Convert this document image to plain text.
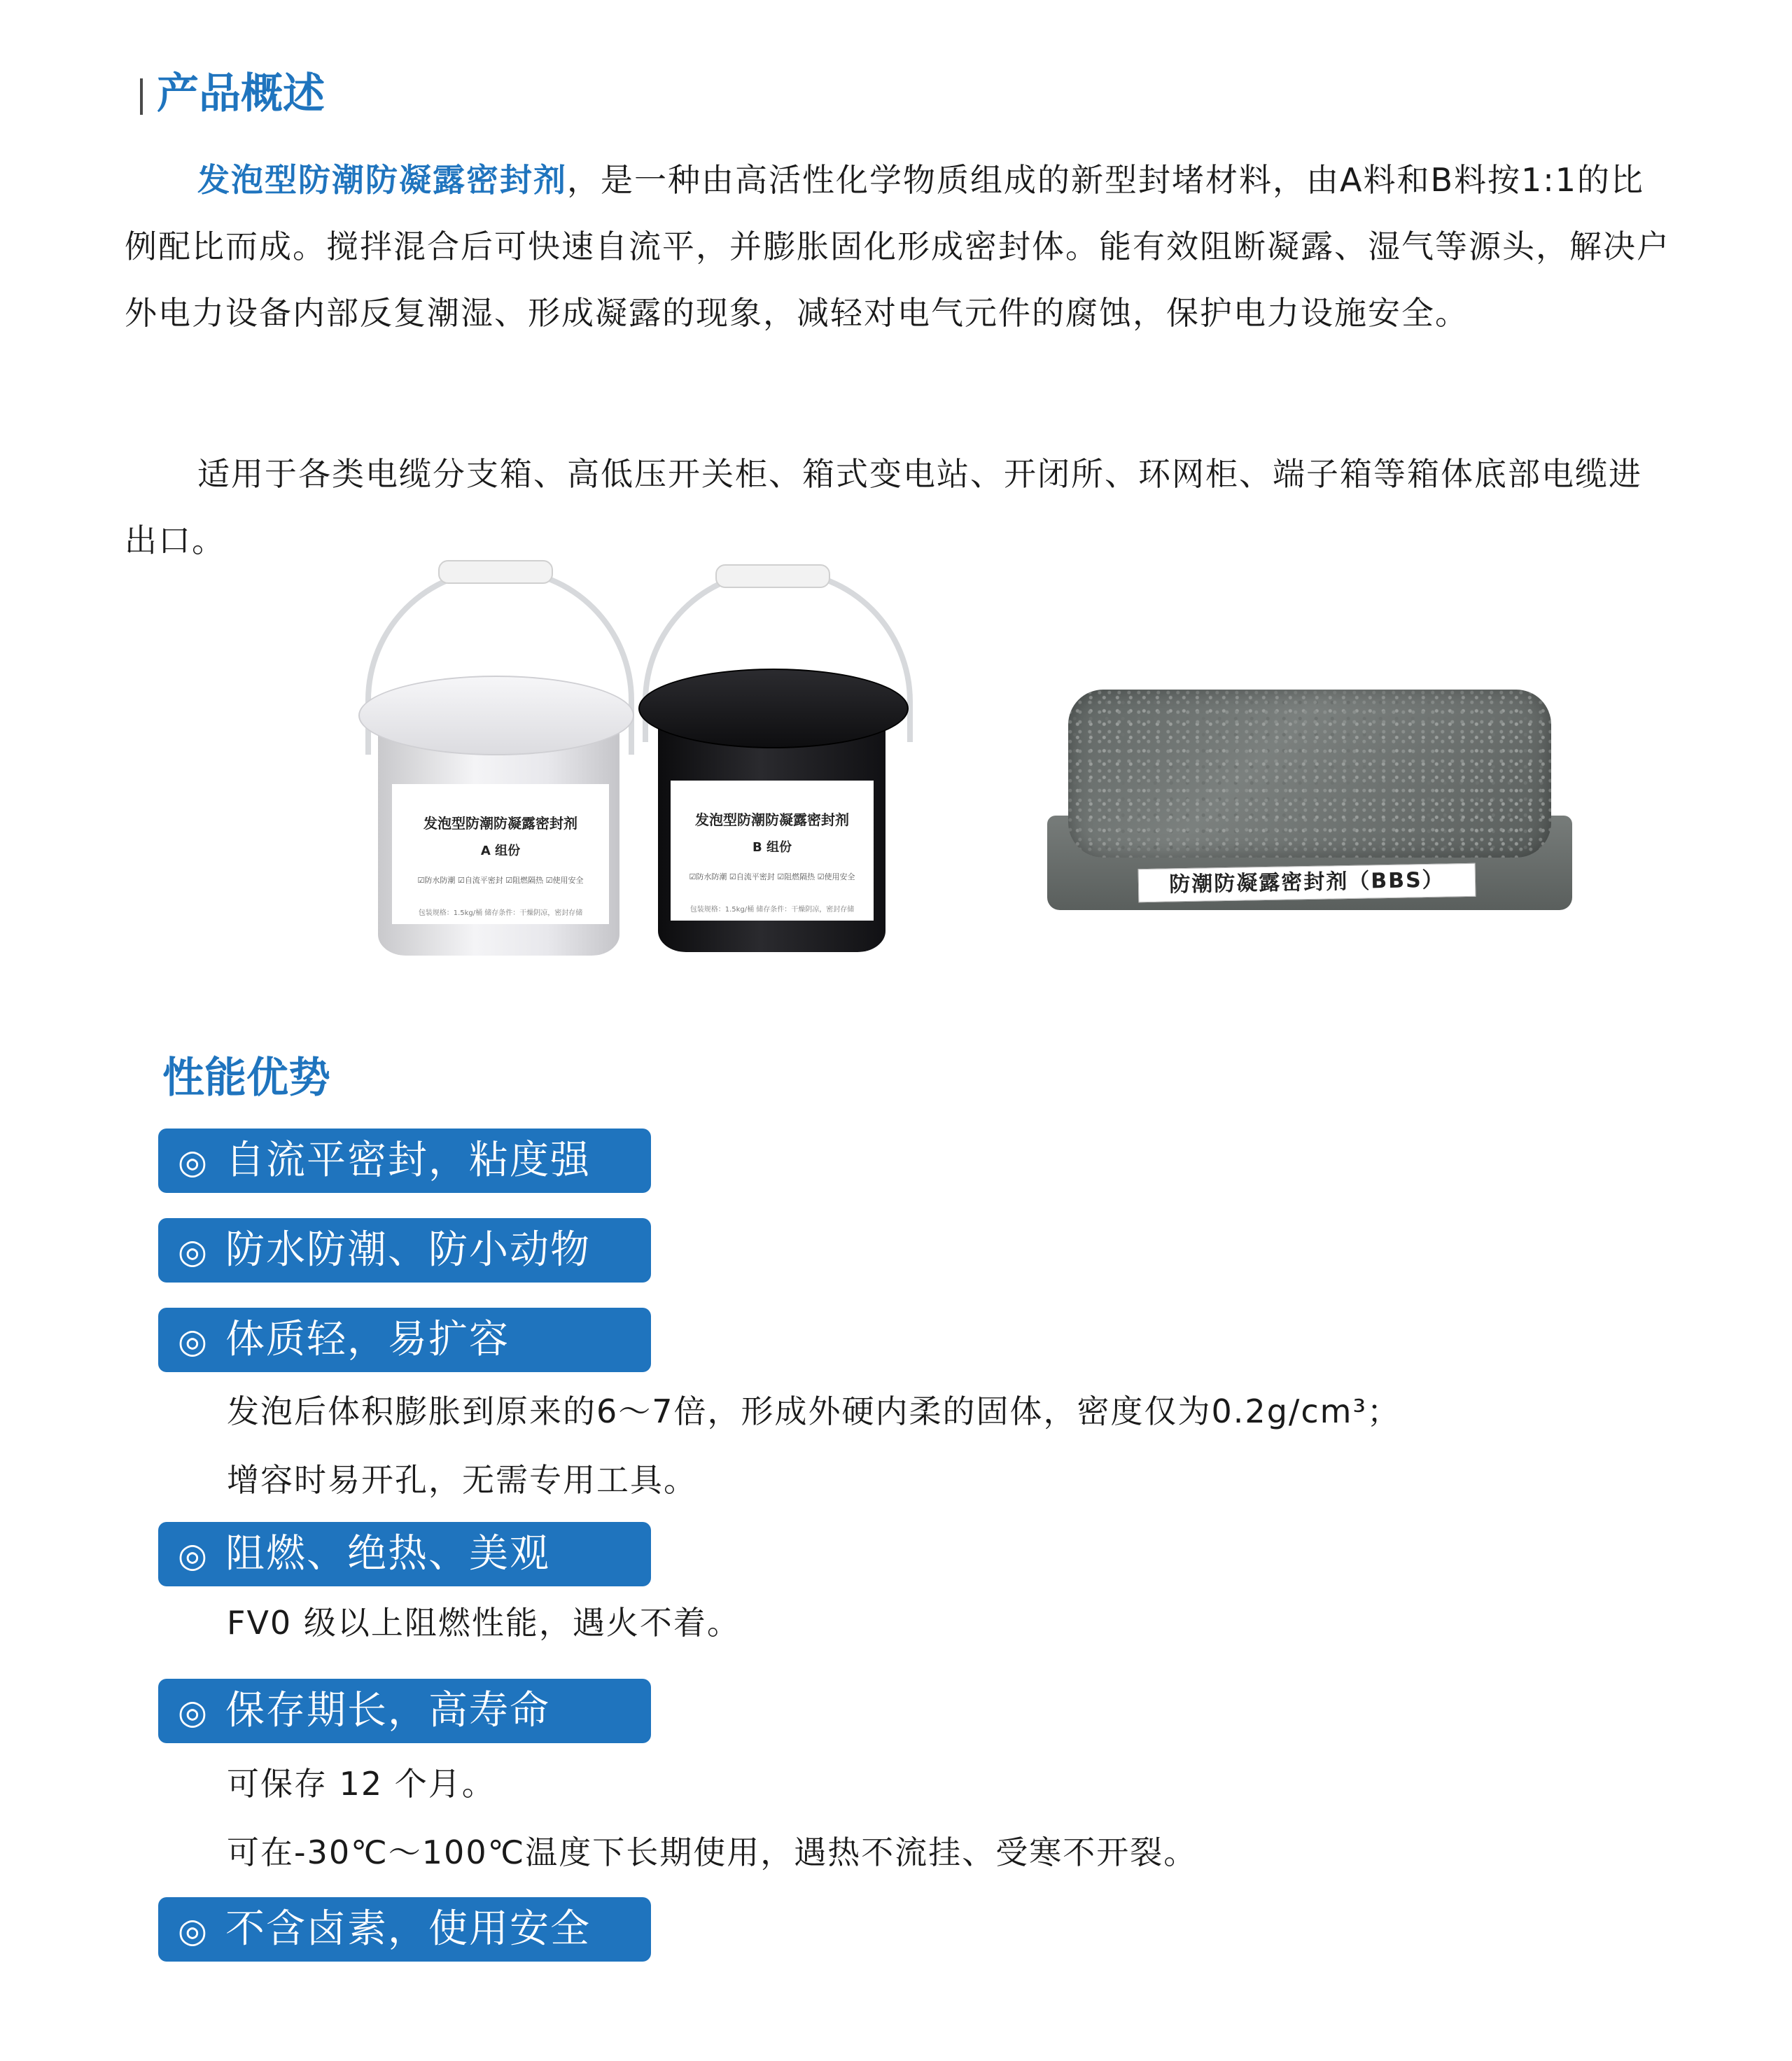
产品概述

发泡型防潮防凝露密封剂，是一种由高活性化学物质组成的新型封堵材料，由A料和B料按1:1的比例配比而成。搅拌混合后可快速自流平，并膨胀固化形成密封体。能有效阻断凝露、湿气等源头，解决户外电力设备内部反复潮湿、形成凝露的现象，减轻对电气元件的腐蚀，保护电力设施安全。

适用于各类电缆分支箱、高低压开关柜、箱式变电站、开闭所、环网柜、端子箱等箱体底部电缆进出口。

发泡型防潮防凝露密封剂
A 组份
☑防水防潮 ☑自流平密封 ☑阻燃隔热 ☑使用安全
包装规格：1.5kg/桶 储存条件：干燥阴凉，密封存储
发泡型防潮防凝露密封剂
B 组份
☑防水防潮 ☑自流平密封 ☑阻燃隔热 ☑使用安全
包装规格：1.5kg/桶 储存条件：干燥阴凉，密封存储
防潮防凝露密封剂（BBS）
性能优势
◎ 自流平密封，粘度强
◎ 防水防潮、防小动物
◎ 体质轻，易扩容
发泡后体积膨胀到原来的6～7倍，形成外硬内柔的固体，密度仅为0.2g/cm³；
增容时易开孔，无需专用工具。
◎ 阻燃、绝热、美观
FV0 级以上阻燃性能，遇火不着。
◎ 保存期长，高寿命
可保存 12 个月。
可在-30℃～100℃温度下长期使用，遇热不流挂、受寒不开裂。
◎ 不含卤素，使用安全
